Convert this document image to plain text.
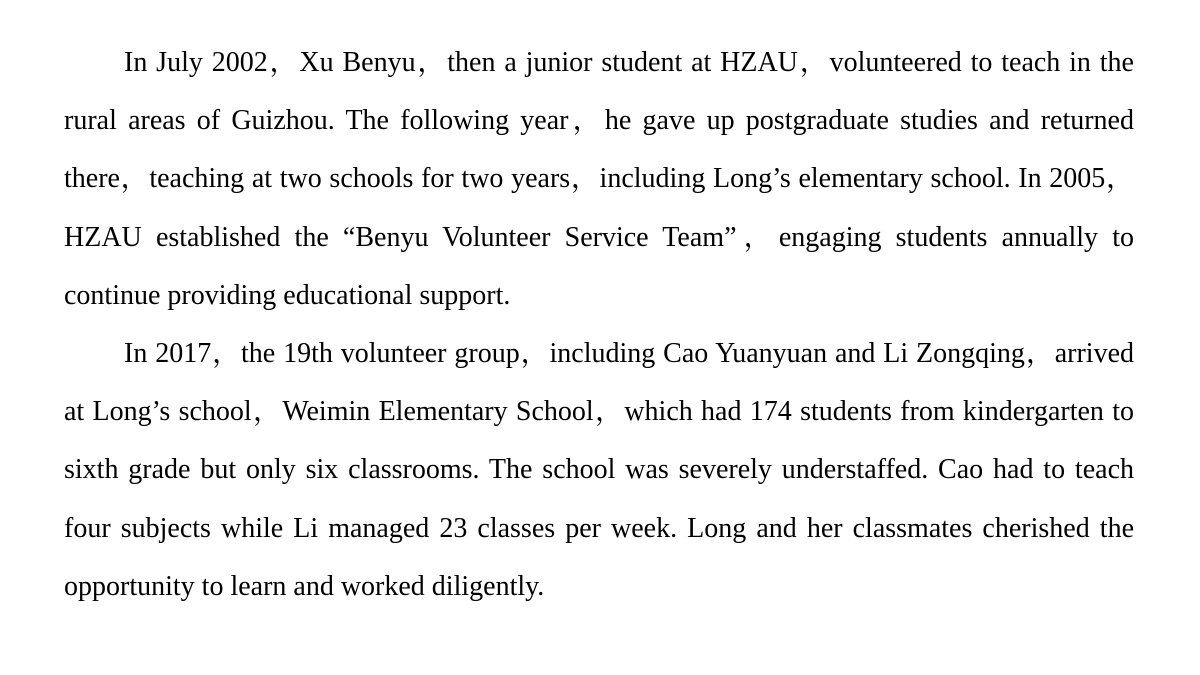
In July 2002，Xu Benyu，then a junior student at HZAU，volunteered to teach in the rural areas of Guizhou. The following year，he gave up postgraduate studies and returned there，teaching at two schools for two years，including Long’s elementary school. In 2005，HZAU established the “Benyu Volunteer Service Team”，engaging students annually to continue providing educational support.

In 2017，the 19th volunteer group，including Cao Yuanyuan and Li Zongqing，arrived at Long’s school，Weimin Elementary School，which had 174 students from kindergarten to sixth grade but only six classrooms. The school was severely understaffed. Cao had to teach four subjects while Li managed 23 classes per week. Long and her classmates cherished the opportunity to learn and worked diligently.
